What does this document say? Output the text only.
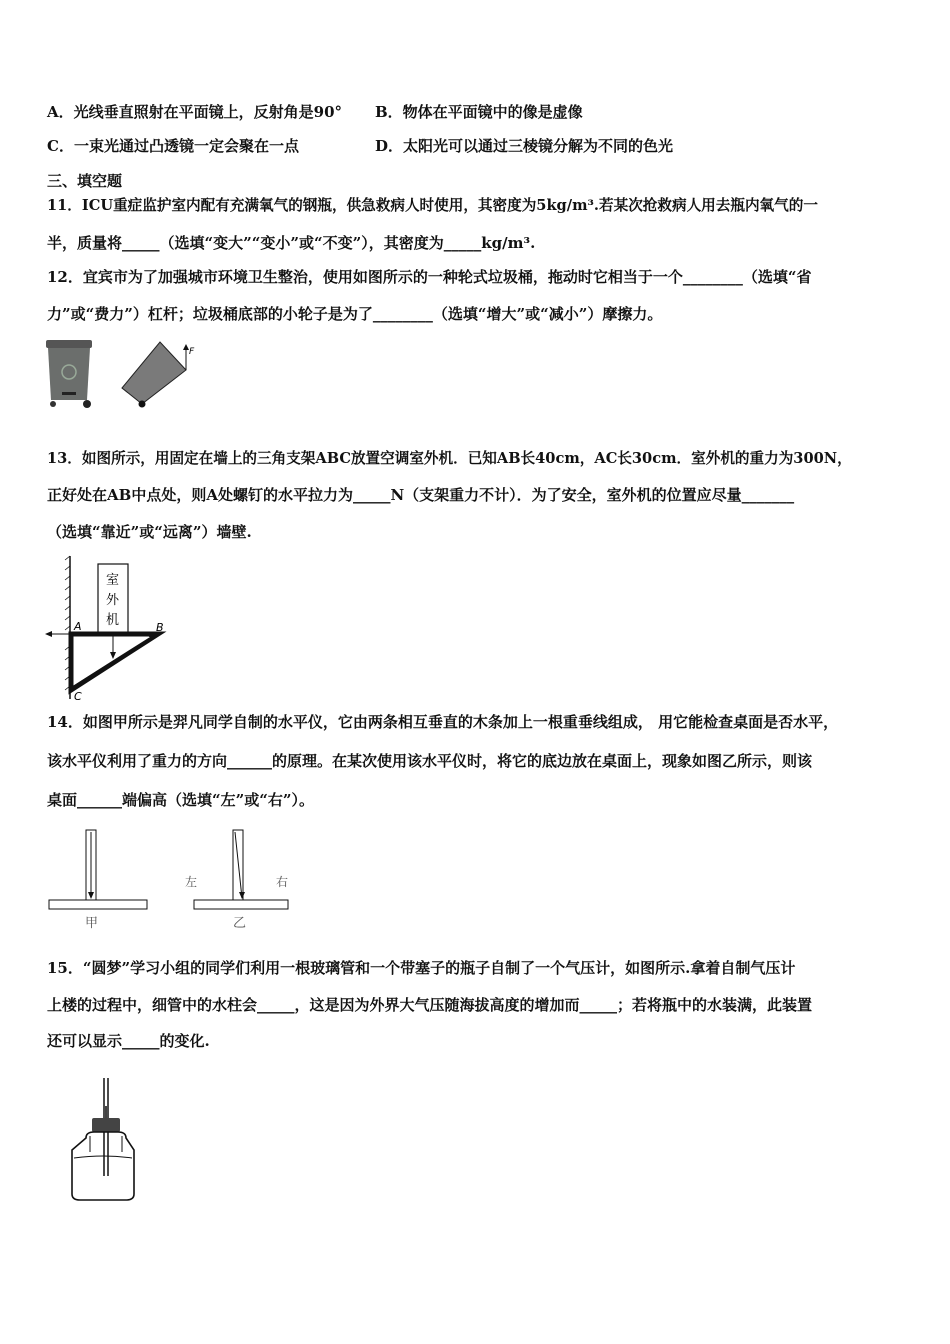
A．光线垂直照射在平面镜上，反射角是90° B．物体在平面镜中的像是虚像
C．一束光通过凸透镜一定会聚在一点	D．太阳光可以通过三棱镜分解为不同的色光
三、填空题
11．ICU重症监护室内配有充满氧气的钢瓶，供急救病人时使用，其密度为5kg/m³.若某次抢救病人用去瓶内氧气的一
半，质量将_____（选填“变大”“变小”或“不变”），其密度为_____kg/m³.
12．宜宾市为了加强城市环境卫生整治，使用如图所示的一种轮式垃圾桶，拖动时它相当于一个________（选填“省
力”或“费力”）杠杆；垃圾桶底部的小轮子是为了________（选填“增大”或“减小”）摩擦力。
F
13．如图所示，用固定在墙上的三角支架ABC放置空调室外机．已知AB长40cm，AC长30cm．室外机的重力为300N，
正好处在AB中点处，则A处螺钉的水平拉力为_____N（支架重力不计）．为了安全，室外机的位置应尽量_______
（选填“靠近”或“远离”）墙壁.
室
外
机
A	B
C
14．如图甲所示是羿凡同学自制的水平仪，它由两条相互垂直的木条加上一根重垂线组成， 用它能检查桌面是否水平，
该水平仪利用了重力的方向______的原理。在某次使用该水平仪时，将它的底边放在桌面上，现象如图乙所示，则该
桌面______端偏高（选填“左”或“右”）。
甲
左	右
乙
15．“圆梦”学习小组的同学们利用一根玻璃管和一个带塞子的瓶子自制了一个气压计，如图所示.拿着自制气压计
上楼的过程中，细管中的水柱会_____，这是因为外界大气压随海拔高度的增加而_____；若将瓶中的水装满，此装置
还可以显示_____的变化.
